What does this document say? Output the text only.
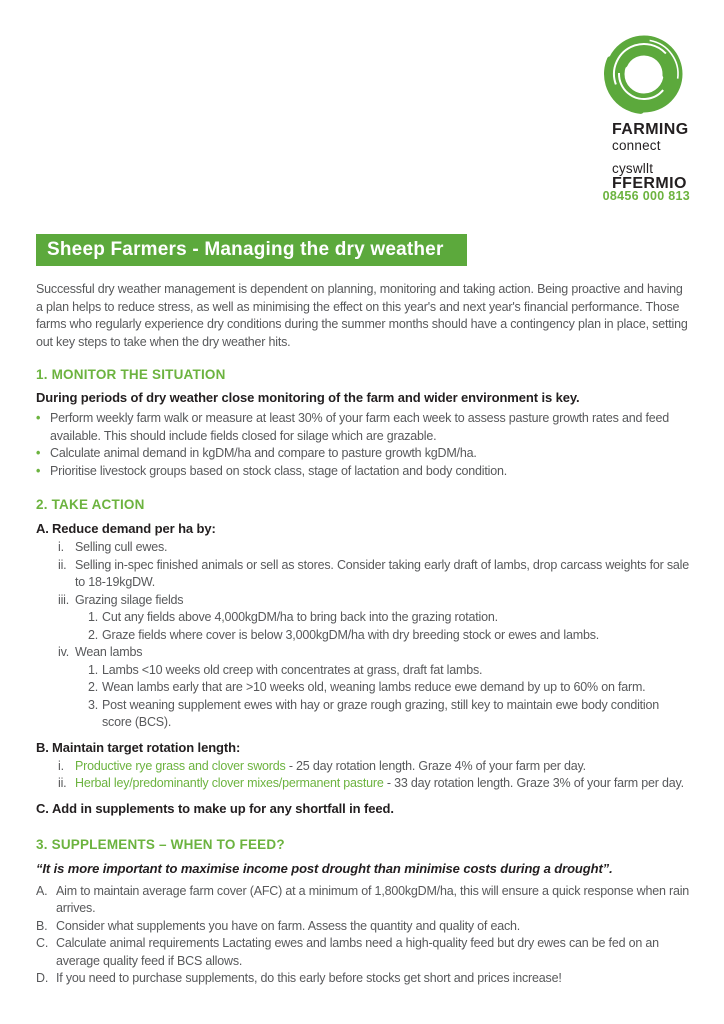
FARMING
connect
cyswllt
FFERMIO
08456 000 813
Sheep Farmers - Managing the dry weather

Successful dry weather management is dependent on planning, monitoring and taking action. Being proactive and having a plan helps to reduce stress, as well as minimising the effect on this year's and next year's financial performance. Those farms who regularly experience dry conditions during the summer months should have a contingency plan in place, setting out key steps to take when the dry weather hits.

1. MONITOR THE SITUATION
During periods of dry weather close monitoring of the farm and wider environment is key.
• Perform weekly farm walk or measure at least 30% of your farm each week to assess pasture growth rates and feed available. This should include fields closed for silage which are grazable.
• Calculate animal demand in kgDM/ha and compare to pasture growth kgDM/ha.
• Prioritise livestock groups based on stock class, stage of lactation and body condition.
2. TAKE ACTION
A. Reduce demand per ha by:
i. Selling cull ewes.
ii. Selling in-spec finished animals or sell as stores. Consider taking early draft of lambs, drop carcass weights for sale to 18-19kgDW.
iii. Grazing silage fields
1. Cut any fields above 4,000kgDM/ha to bring back into the grazing rotation.
2. Graze fields where cover is below 3,000kgDM/ha with dry breeding stock or ewes and lambs.
iv. Wean lambs
1. Lambs <10 weeks old creep with concentrates at grass, draft fat lambs.
2. Wean lambs early that are >10 weeks old, weaning lambs reduce ewe demand by up to 60% on farm.
3. Post weaning supplement ewes with hay or graze rough grazing, still key to maintain ewe body condition score (BCS).
B. Maintain target rotation length:
i. Productive rye grass and clover swords - 25 day rotation length. Graze 4% of your farm per day.
ii. Herbal ley/predominantly clover mixes/permanent pasture - 33 day rotation length. Graze 3% of your farm per day.
C. Add in supplements to make up for any shortfall in feed.
3. SUPPLEMENTS – WHEN TO FEED?
“It is more important to maximise income post drought than minimise costs during a drought”.
A. Aim to maintain average farm cover (AFC) at a minimum of 1,800kgDM/ha, this will ensure a quick response when rain arrives.
B. Consider what supplements you have on farm. Assess the quantity and quality of each.
C. Calculate animal requirements Lactating ewes and lambs need a high-quality feed but dry ewes can be fed on an average quality feed if BCS allows.
D. If you need to purchase supplements, do this early before stocks get short and prices increase!
